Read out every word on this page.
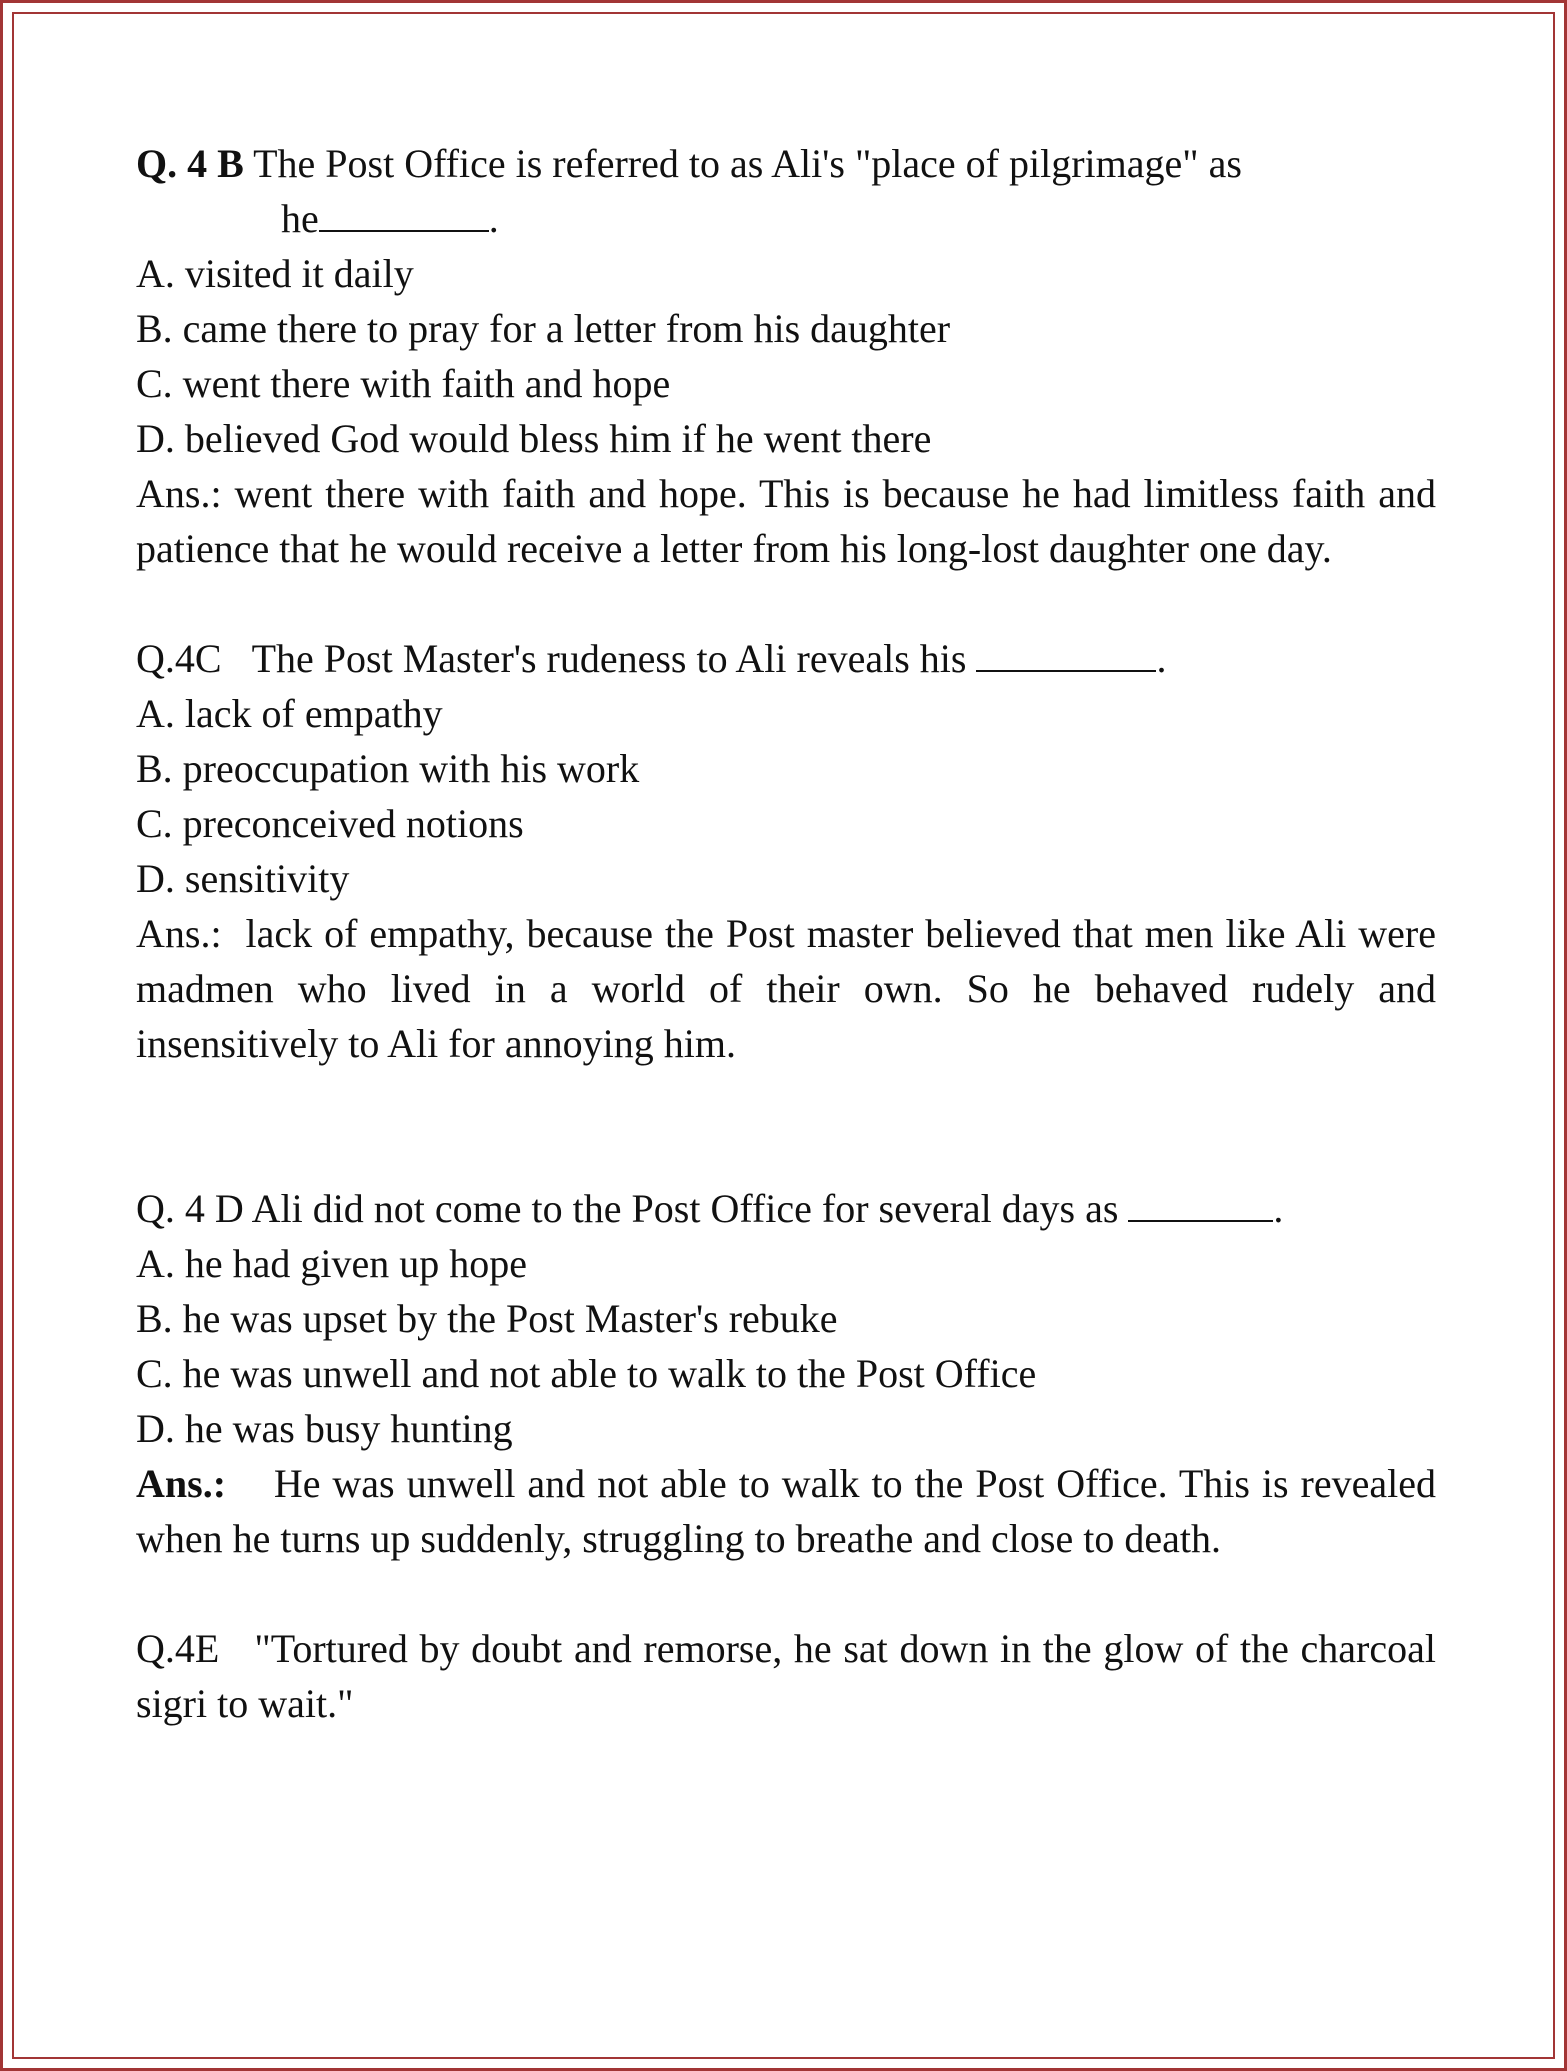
Q. 4 B The Post Office is referred to as Ali's "place of pilgrimage" as

he	.

A. visited it daily

B. came there to pray for a letter from his daughter

C. went there with faith and hope

D. believed God would bless him if he went there

Ans.: went there with faith and hope. This is because he had limitless faith and patience that he would receive a letter from his long-lost daughter one day.

Q.4C The Post Master's rudeness to Ali reveals his	.

A. lack of empathy

B. preoccupation with his work

C. preconceived notions

D. sensitivity

Ans.: lack of empathy, because the Post master believed that men like Ali were madmen who lived in a world of their own. So he behaved rudely and insensitively to Ali for annoying him.

Q. 4 D Ali did not come to the Post Office for several days as	.

A. he had given up hope

B. he was upset by the Post Master's rebuke

C. he was unwell and not able to walk to the Post Office

D. he was busy hunting

Ans.: He was unwell and not able to walk to the Post Office. This is revealed when he turns up suddenly, struggling to breathe and close to death.

Q.4E "Tortured by doubt and remorse, he sat down in the glow of the charcoal sigri to wait."
